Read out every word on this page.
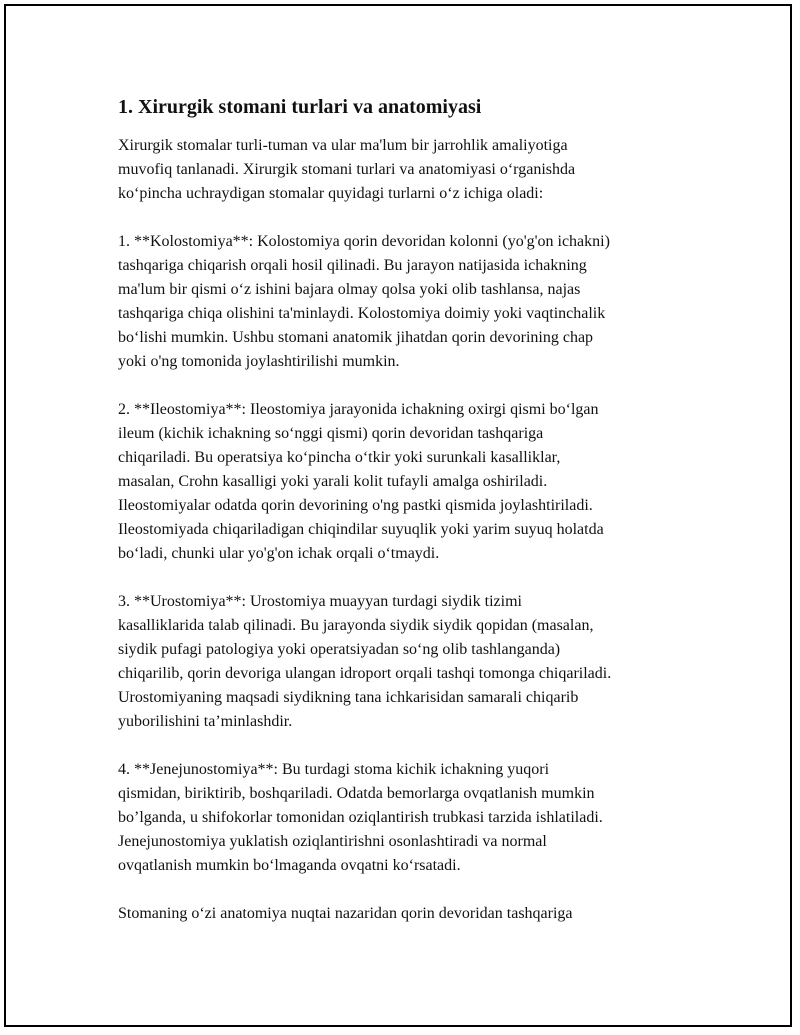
1. Xirurgik stomani turlari va anatomiyasi

Xirurgik stomalar turli-tuman va ular ma'lum bir jarrohlik amaliyotiga
muvofiq tanlanadi. Xirurgik stomani turlari va anatomiyasi o‘rganishda
ko‘pincha uchraydigan stomalar quyidagi turlarni o‘z ichiga oladi:

1. **Kolostomiya**: Kolostomiya qorin devoridan kolonni (yo'g'on ichakni)
tashqariga chiqarish orqali hosil qilinadi. Bu jarayon natijasida ichakning
ma'lum bir qismi o‘z ishini bajara olmay qolsa yoki olib tashlansa, najas
tashqariga chiqa olishini ta'minlaydi. Kolostomiya doimiy yoki vaqtinchalik
bo‘lishi mumkin. Ushbu stomani anatomik jihatdan qorin devorining chap
yoki o'ng tomonida joylashtirilishi mumkin.

2. **Ileostomiya**: Ileostomiya jarayonida ichakning oxirgi qismi bo‘lgan
ileum (kichik ichakning so‘nggi qismi) qorin devoridan tashqariga
chiqariladi. Bu operatsiya ko‘pincha o‘tkir yoki surunkali kasalliklar,
masalan, Crohn kasalligi yoki yarali kolit tufayli amalga oshiriladi.
Ileostomiyalar odatda qorin devorining o'ng pastki qismida joylashtiriladi.
Ileostomiyada chiqariladigan chiqindilar suyuqlik yoki yarim suyuq holatda
bo‘ladi, chunki ular yo'g'on ichak orqali o‘tmaydi.

3. **Urostomiya**: Urostomiya muayyan turdagi siydik tizimi
kasalliklarida talab qilinadi. Bu jarayonda siydik siydik qopidan (masalan,
siydik pufagi patologiya yoki operatsiyadan so‘ng olib tashlanganda)
chiqarilib, qorin devoriga ulangan idroport orqali tashqi tomonga chiqariladi.
Urostomiyaning maqsadi siydikning tana ichkarisidan samarali chiqarib
yuborilishini ta’minlashdir.

4. **Jenejunostomiya**: Bu turdagi stoma kichik ichakning yuqori
qismidan, biriktirib, boshqariladi. Odatda bemorlarga ovqatlanish mumkin
bo’lganda, u shifokorlar tomonidan oziqlantirish trubkasi tarzida ishlatiladi.
Jenejunostomiya yuklatish oziqlantirishni osonlashtiradi va normal
ovqatlanish mumkin bo‘lmaganda ovqatni ko‘rsatadi.

Stomaning o‘zi anatomiya nuqtai nazaridan qorin devoridan tashqariga
